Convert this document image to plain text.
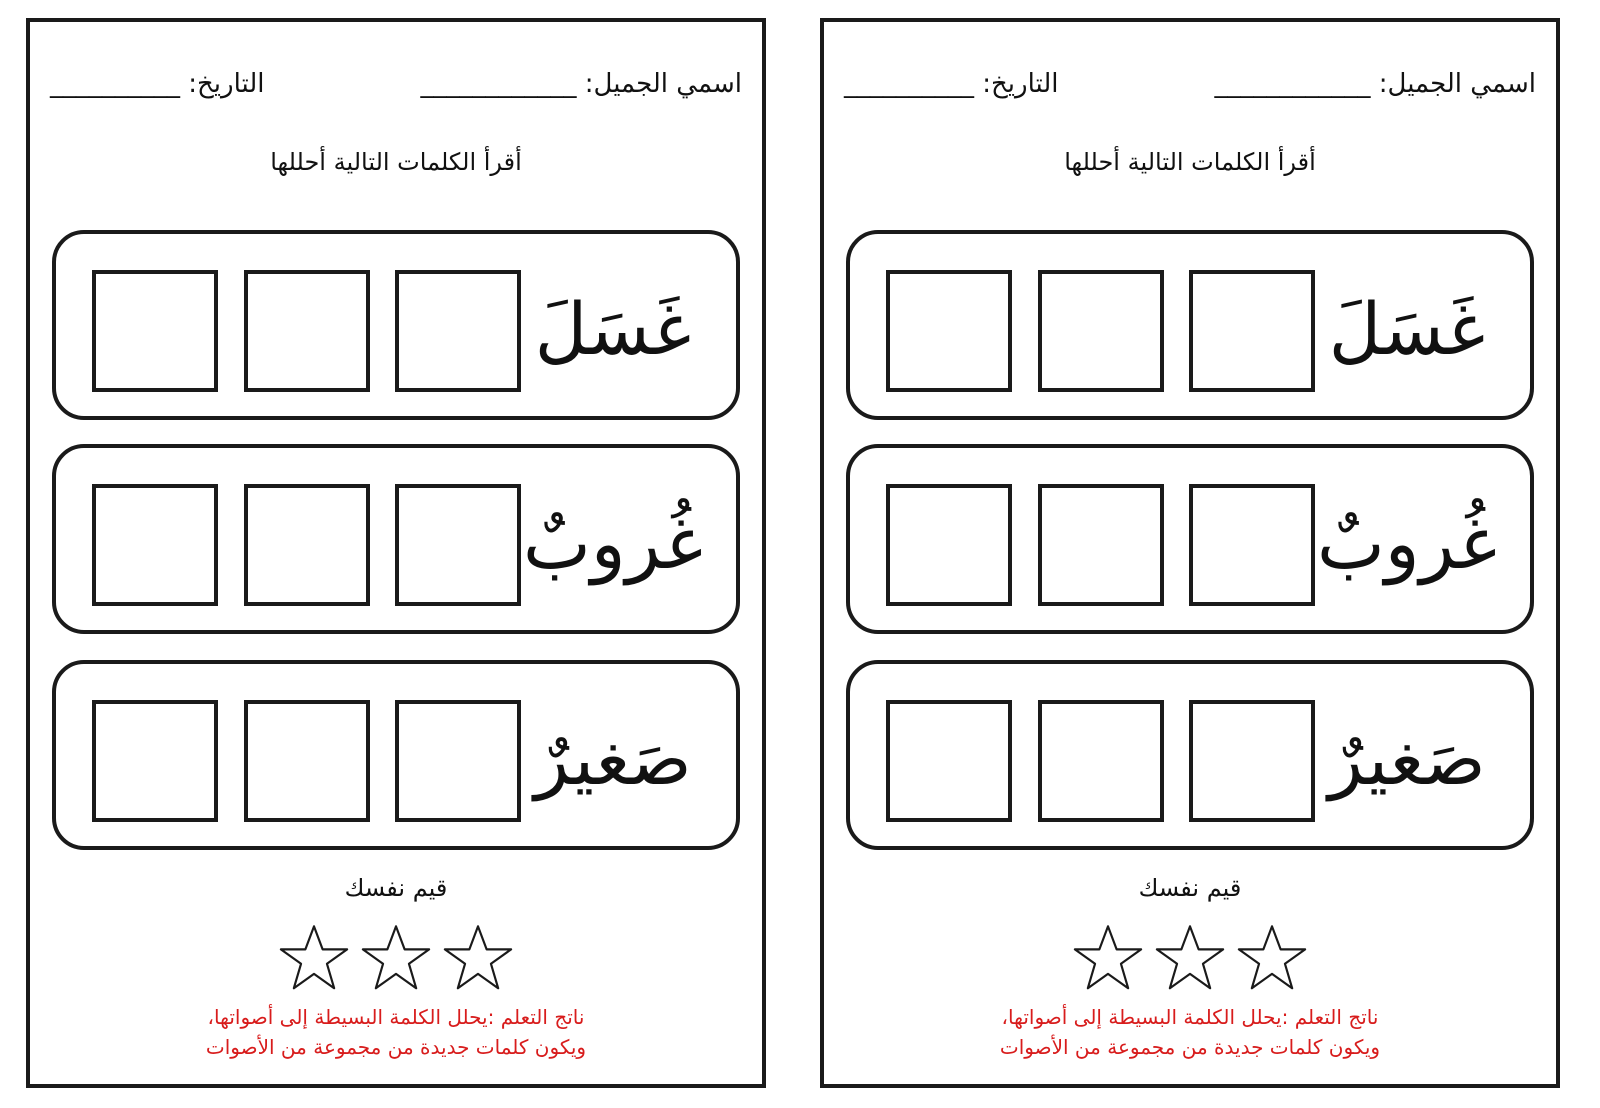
اسمي الجميل: ____________
التاريخ: __________
أقرأ الكلمات التالية أحللها
غَسَلَ
غُروبٌ
صَغيرٌ
قيم نفسك
ناتج التعلم :يحلل الكلمة البسيطة إلى أصواتها،
ويكون كلمات جديدة من مجموعة من الأصوات
اسمي الجميل: ____________
التاريخ: __________
أقرأ الكلمات التالية أحللها
غَسَلَ
غُروبٌ
صَغيرٌ
قيم نفسك
ناتج التعلم :يحلل الكلمة البسيطة إلى أصواتها،
ويكون كلمات جديدة من مجموعة من الأصوات
